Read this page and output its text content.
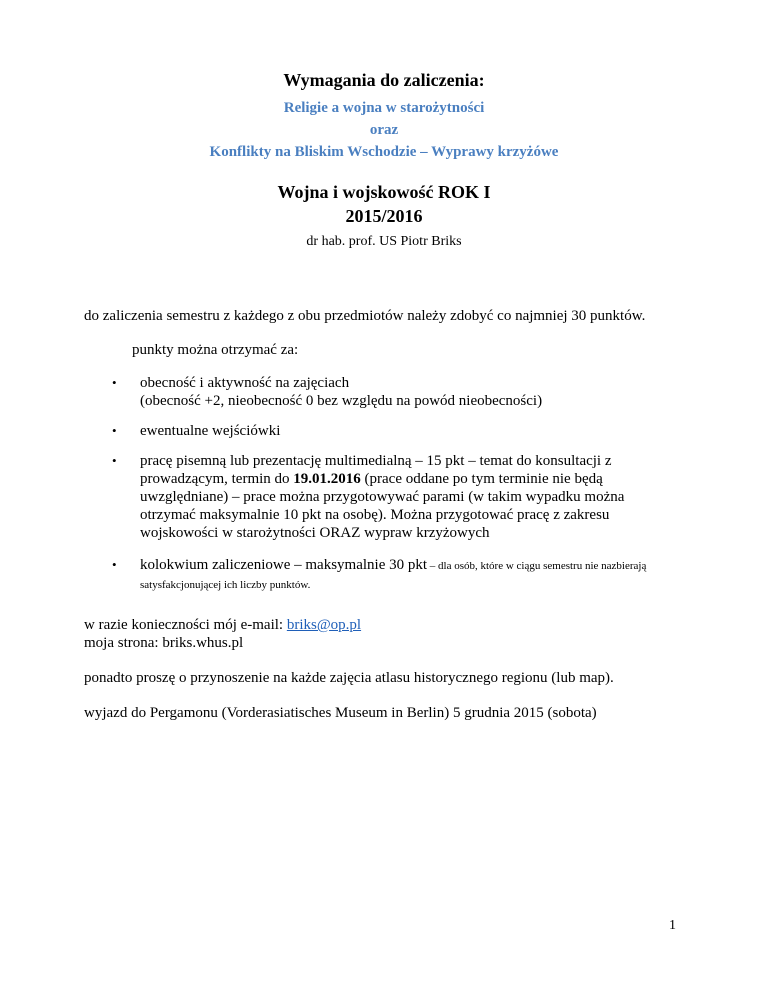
Wymagania do zaliczenia:
Religie a wojna w starożytności
oraz
Konflikty na Bliskim Wschodzie – Wyprawy krzyżówe
Wojna i wojskowość ROK I
2015/2016
dr hab. prof. US Piotr Briks
do zaliczenia semestru z każdego z obu przedmiotów należy zdobyć co najmniej 30 punktów.
punkty można otrzymać za:
• obecność i aktywność na zajęciach
(obecność +2, nieobecność 0 bez względu na powód nieobecności)
• ewentualne wejściówki
• pracę pisemną lub prezentację multimedialną – 15 pkt – temat do konsultacji z prowadzącym, termin do 19.01.2016 (prace oddane po tym terminie nie będą uwzględniane) – prace można przygotowywać parami (w takim wypadku można otrzymać maksymalnie 10 pkt na osobę). Można przygotować pracę z zakresu wojskowości w starożytności ORAZ wypraw krzyżowych
• kolokwium zaliczeniowe – maksymalnie 30 pkt – dla osób, które w ciągu semestru nie nazbierają satysfakcjonującej ich liczby punktów.
w razie konieczności mój e-mail: briks@op.pl
moja strona: briks.whus.pl
ponadto proszę o przynoszenie na każde zajęcia atlasu historycznego regionu (lub map).
wyjazd do Pergamonu (Vorderasiatisches Museum in Berlin) 5 grudnia 2015 (sobota)
1
